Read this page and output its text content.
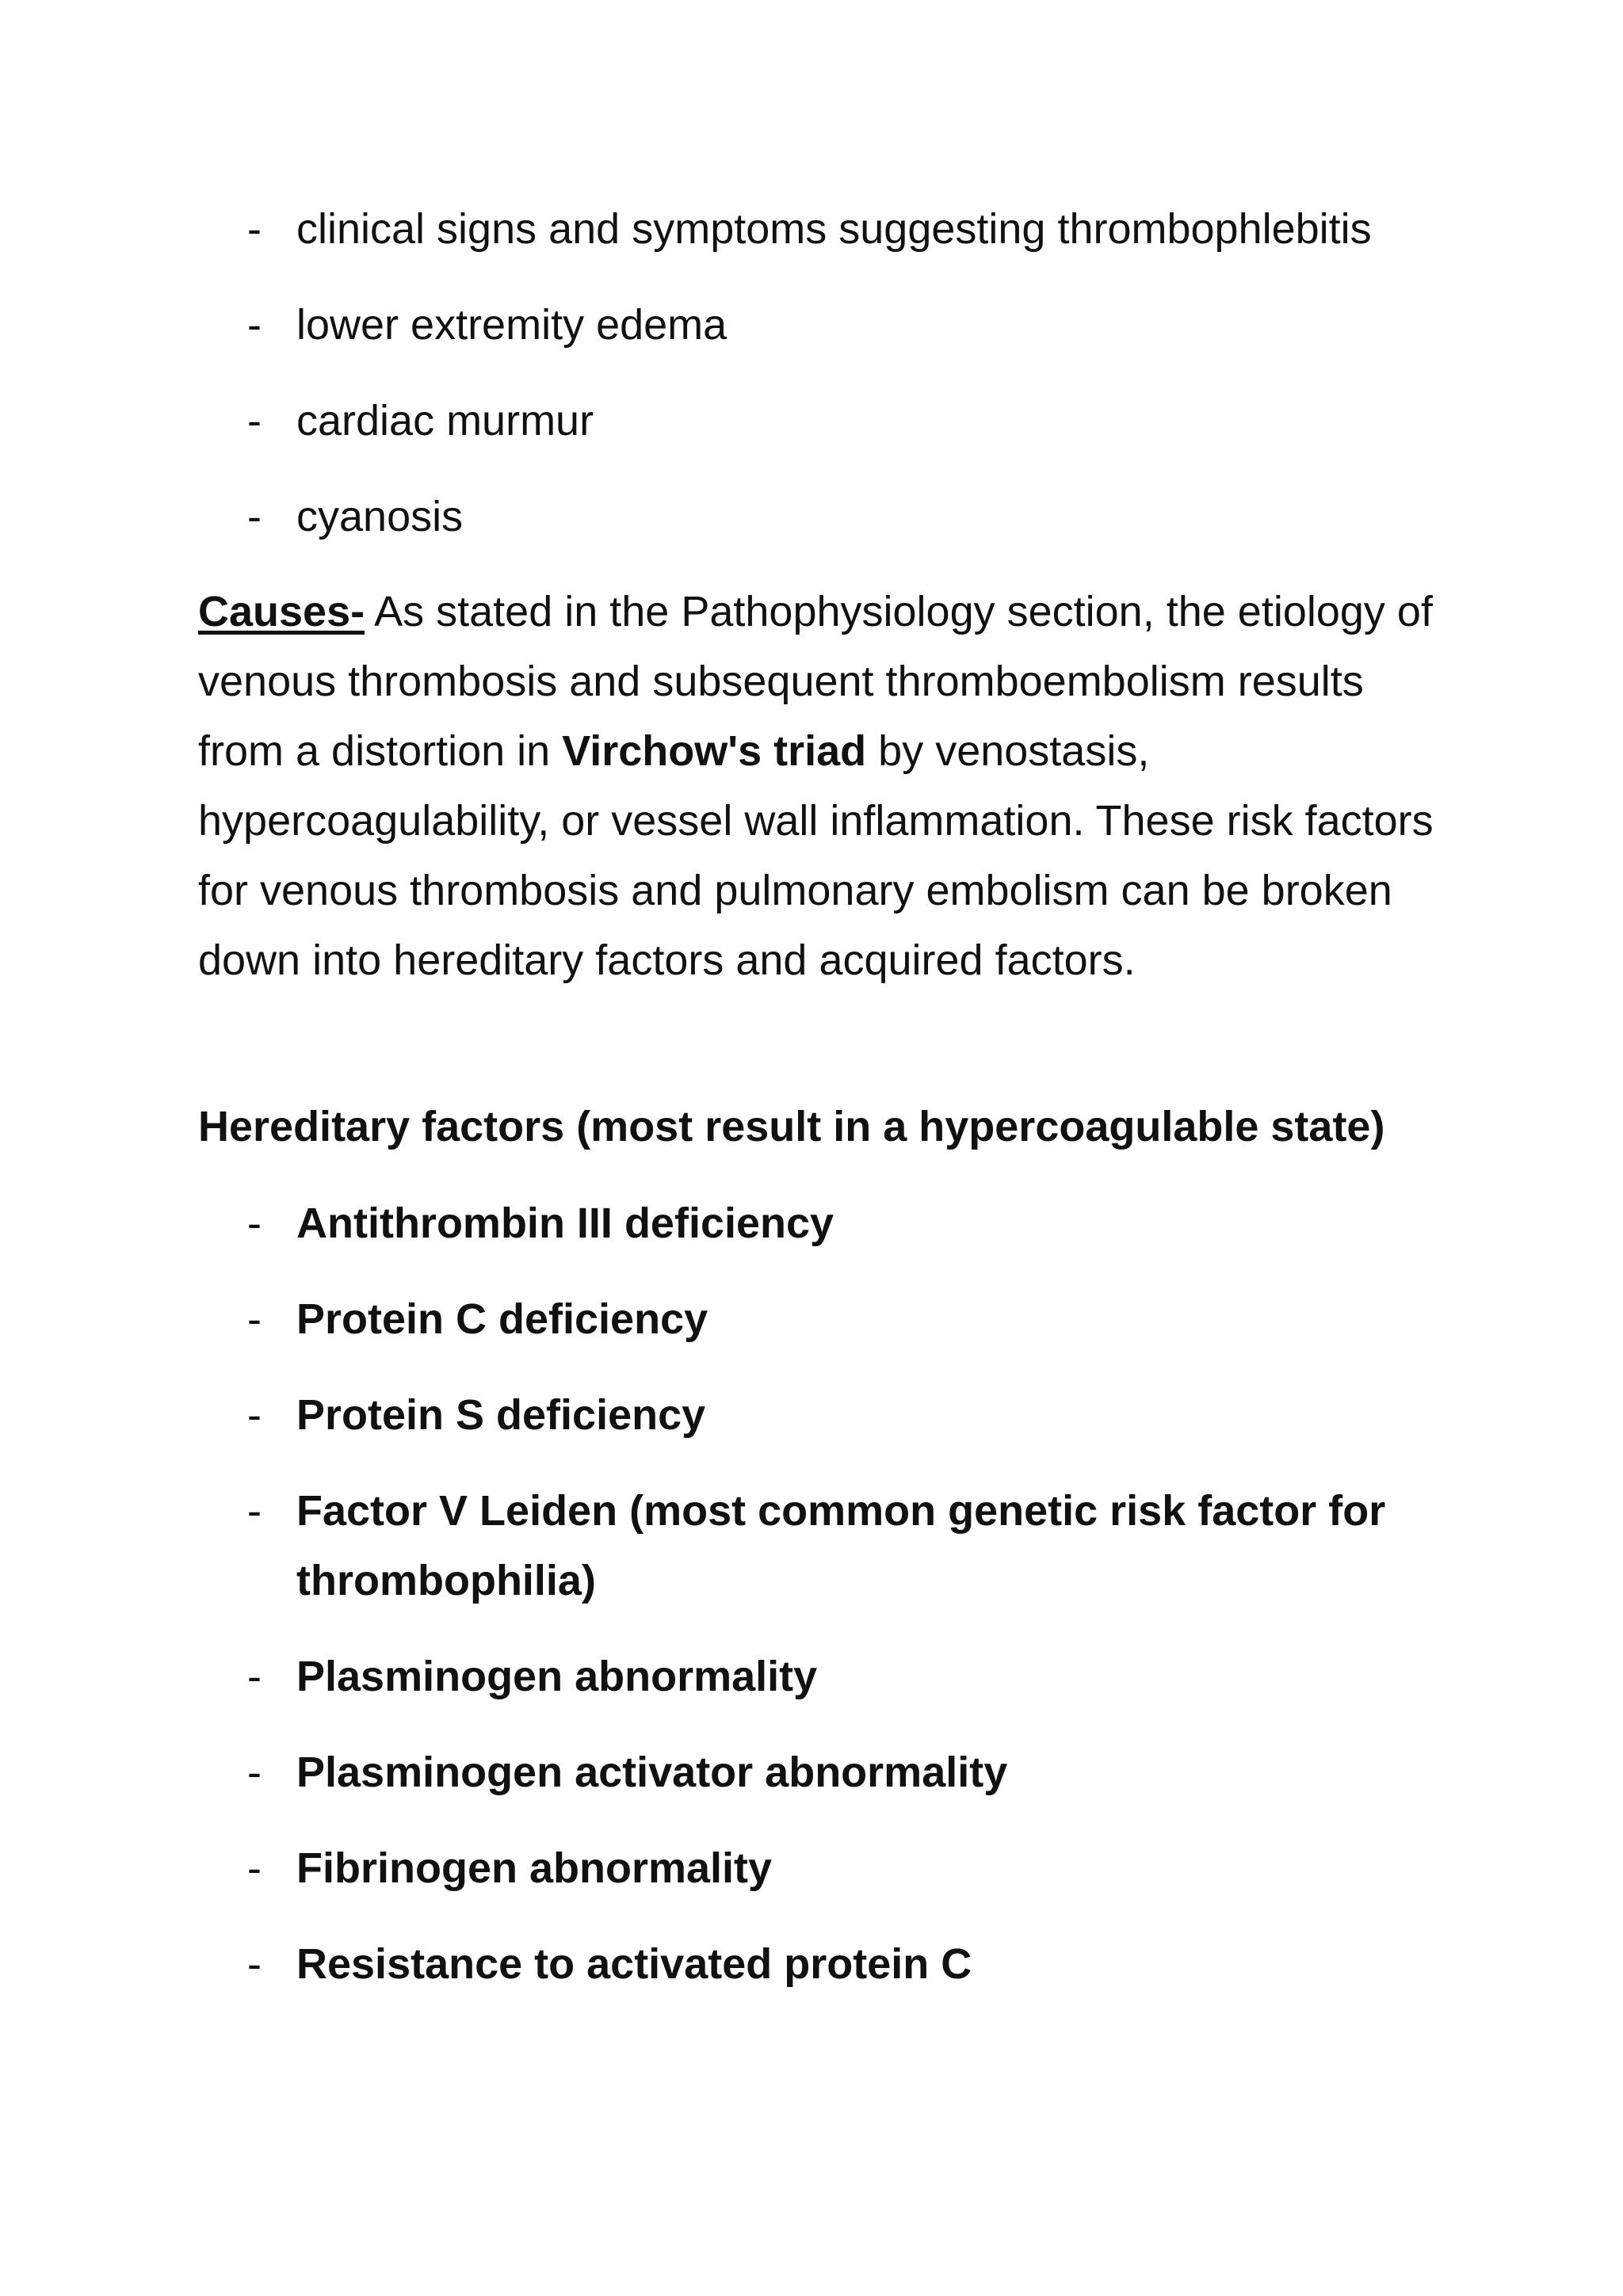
- clinical signs and symptoms suggesting thrombophlebitis
- lower extremity edema
- cardiac murmur
- cyanosis

Causes- As stated in the Pathophysiology section, the etiology of venous thrombosis and subsequent thromboembolism results from a distortion in Virchow's triad by venostasis, hypercoagulability, or vessel wall inflammation. These risk factors for venous thrombosis and pulmonary embolism can be broken down into hereditary factors and acquired factors.

Hereditary factors (most result in a hypercoagulable state)
- Antithrombin III deficiency
- Protein C deficiency
- Protein S deficiency
- Factor V Leiden (most common genetic risk factor for thrombophilia)
- Plasminogen abnormality
- Plasminogen activator abnormality
- Fibrinogen abnormality
- Resistance to activated protein C
